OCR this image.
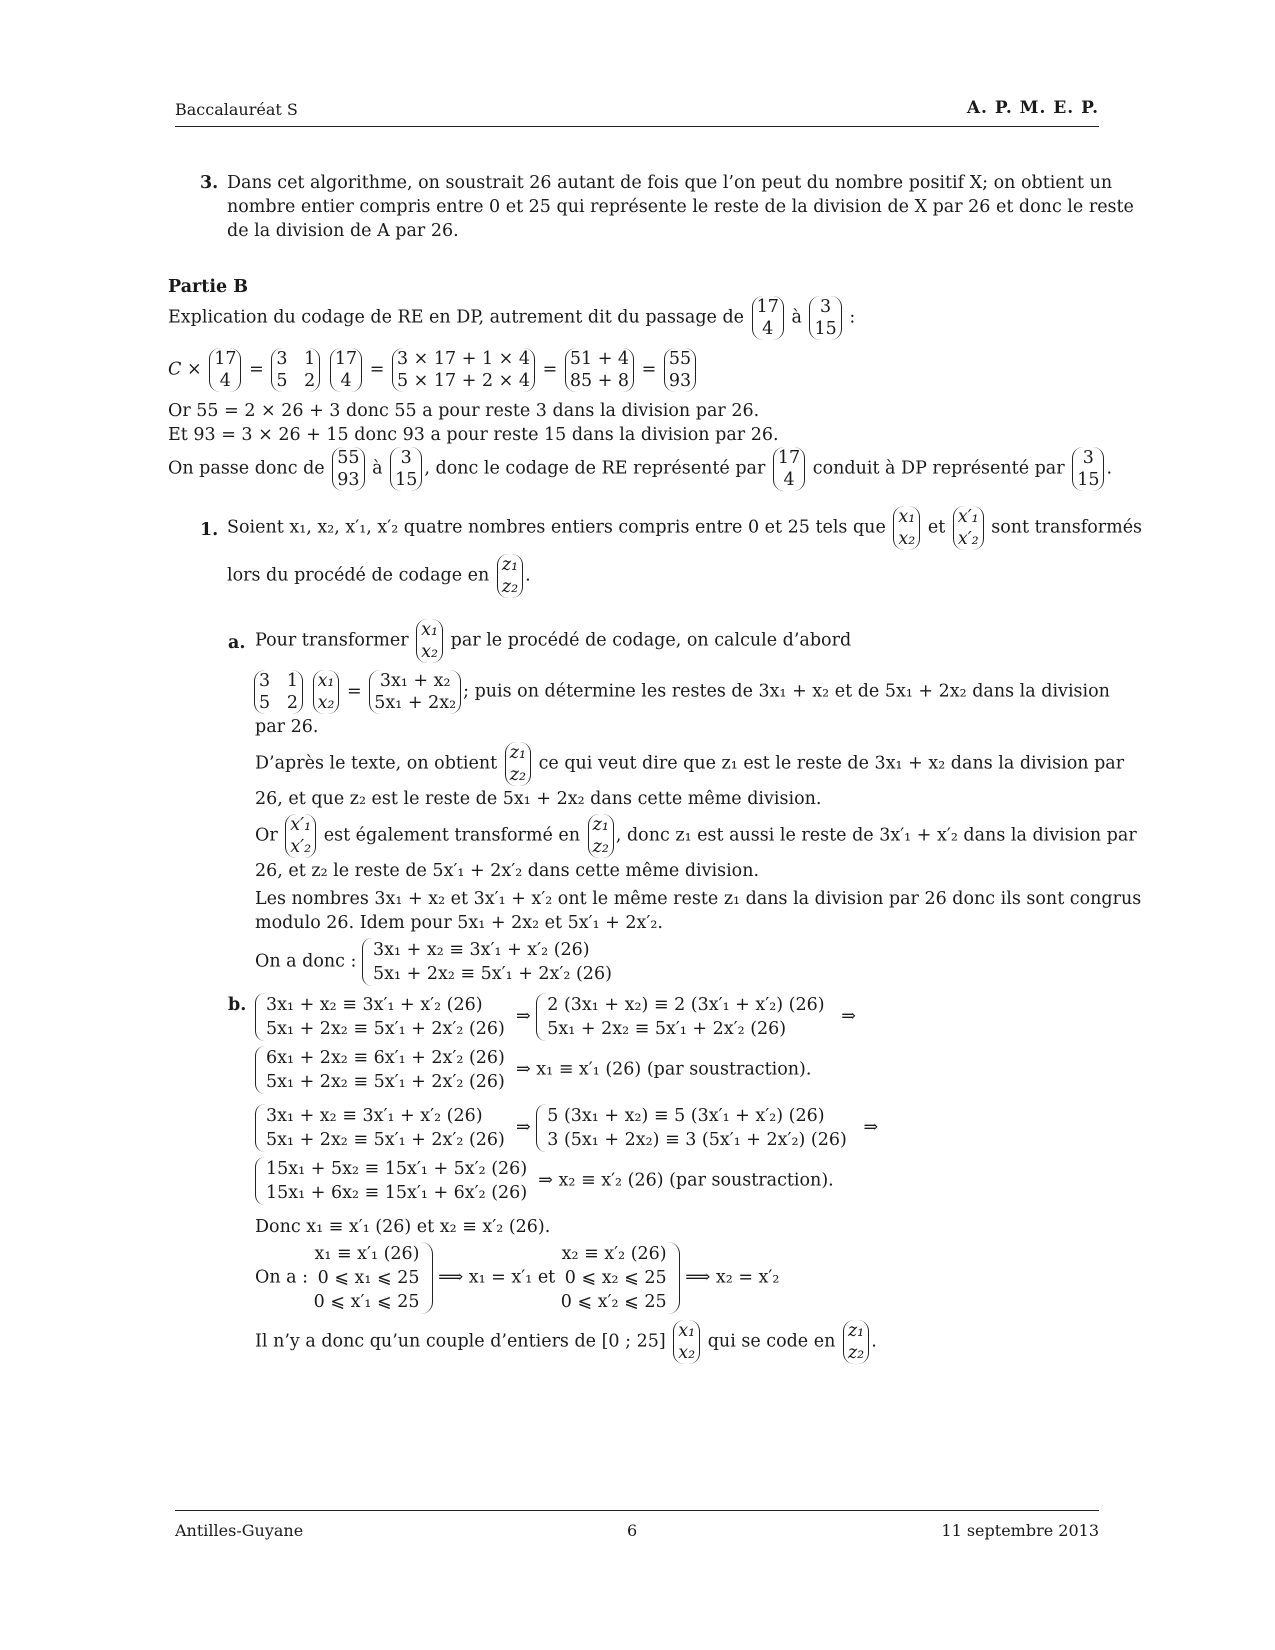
Baccalauréat S	A. P. M. E. P.
3. Dans cet algorithme, on soustrait 26 autant de fois que l’on peut du nombre positif X; on obtient un
nombre entier compris entre 0 et 25 qui représente le reste de la division de X par 26 et donc le reste
de la division de A par 26.
Partie B
Explication du codage de RE en DP, autrement dit du passage de
17
4
à
3
15
:
C ×
17
4
=
3 1
5 2

17
4
=
3 × 17 + 1 × 4
5 × 17 + 2 × 4
=
51 + 4
85 + 8
=
55
93
Or 55 = 2 × 26 + 3 donc 55 a pour reste 3 dans la division par 26.
Et 93 = 3 × 26 + 15 donc 93 a pour reste 15 dans la division par 26.
On passe donc de
55
93
à
3
15
, donc le codage de RE représenté par
17
4
conduit à DP représenté par
3
15
.
1. Soient x₁, x₂, x′₁, x′₂ quatre nombres entiers compris entre 0 et 25 tels que
x₁
x₂
et
x′₁
x′₂
sont transformés
lors du procédé de codage en
z₁
z₂
.
a. Pour transformer
x₁
x₂
par le procédé de codage, on calcule d’abord
3 1
5 2

x₁
x₂
=
3x₁ + x₂
5x₁ + 2x₂
; puis on détermine les restes de 3x₁ + x₂ et de 5x₁ + 2x₂ dans la division
par 26.
D’après le texte, on obtient
z₁
z₂
ce qui veut dire que z₁ est le reste de 3x₁ + x₂ dans la division par
26, et que z₂ est le reste de 5x₁ + 2x₂ dans cette même division.
Or
x′₁
x′₂
est également transformé en
z₁
z₂
, donc z₁ est aussi le reste de 3x′₁ + x′₂ dans la division par
26, et z₂ le reste de 5x′₁ + 2x′₂ dans cette même division.
Les nombres 3x₁ + x₂ et 3x′₁ + x′₂ ont le même reste z₁ dans la division par 26 donc ils sont congrus
modulo 26. Idem pour 5x₁ + 2x₂ et 5x′₁ + 2x′₂.
On a donc :
3x₁ + x₂ ≡ 3x′₁ + x′₂ (26)
5x₁ + 2x₂ ≡ 5x′₁ + 2x′₂ (26)
b. 3x₁ + x₂ ≡ 3x′₁ + x′₂ (26)
5x₁ + 2x₂ ≡ 5x′₁ + 2x′₂ (26)
⇒
2 (3x₁ + x₂) ≡ 2 (3x′₁ + x′₂) (26)
5x₁ + 2x₂ ≡ 5x′₁ + 2x′₂ (26)
⇒
6x₁ + 2x₂ ≡ 6x′₁ + 2x′₂ (26)
5x₁ + 2x₂ ≡ 5x′₁ + 2x′₂ (26)
⇒ x₁ ≡ x′₁ (26) (par soustraction).
3x₁ + x₂ ≡ 3x′₁ + x′₂ (26)
5x₁ + 2x₂ ≡ 5x′₁ + 2x′₂ (26)
⇒
5 (3x₁ + x₂) ≡ 5 (3x′₁ + x′₂) (26)
3 (5x₁ + 2x₂) ≡ 3 (5x′₁ + 2x′₂) (26)
⇒
15x₁ + 5x₂ ≡ 15x′₁ + 5x′₂ (26)
15x₁ + 6x₂ ≡ 15x′₁ + 6x′₂ (26)
⇒ x₂ ≡ x′₂ (26) (par soustraction).
Donc x₁ ≡ x′₁ (26) et x₂ ≡ x′₂ (26).
On a :
x₁ ≡ x′₁ (26)
0 ⩽ x₁ ⩽ 25
0 ⩽ x′₁ ⩽ 25
⟹ x₁ = x′₁ et
x₂ ≡ x′₂ (26)
0 ⩽ x₂ ⩽ 25
0 ⩽ x′₂ ⩽ 25
⟹ x₂ = x′₂
Il n’y a donc qu’un couple d’entiers de [0 ; 25]
x₁
x₂
qui se code en
z₁
z₂
.
Antilles-Guyane	6	11 septembre 2013
